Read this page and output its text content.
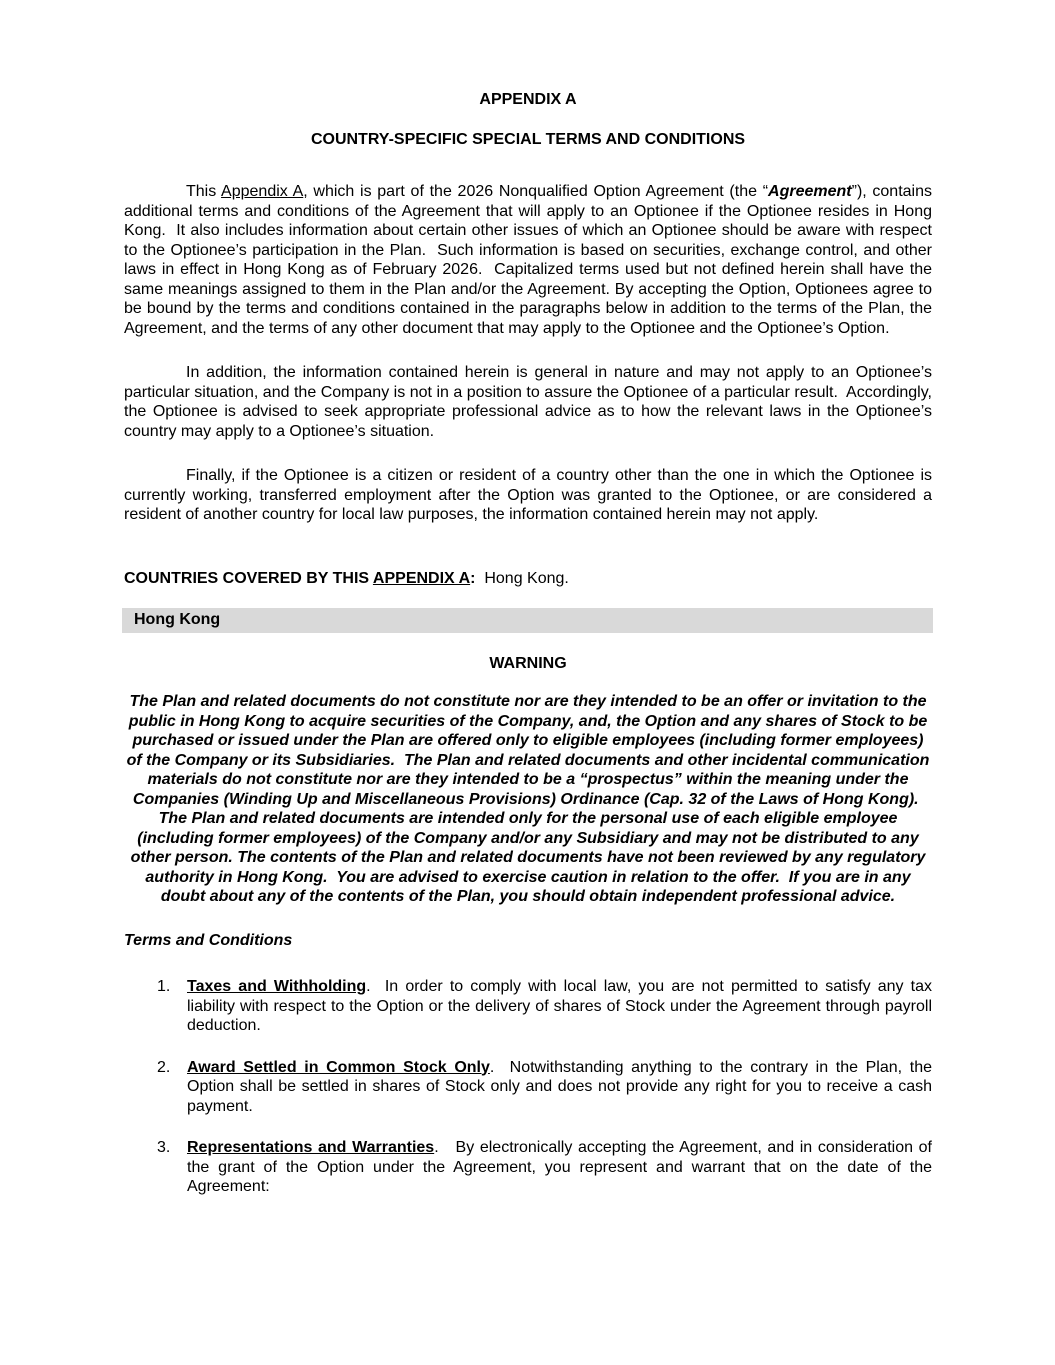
APPENDIX A

COUNTRY-SPECIFIC SPECIAL TERMS AND CONDITIONS

This Appendix A, which is part of the 2026 Nonqualified Option Agreement (the “Agreement”), contains additional terms and conditions of the Agreement that will apply to an Optionee if the Optionee resides in Hong Kong.  It also includes information about certain other issues of which an Optionee should be aware with respect to the Optionee’s participation in the Plan.  Such information is based on securities, exchange control, and other laws in effect in Hong Kong as of February 2026.  Capitalized terms used but not defined herein shall have the same meanings assigned to them in the Plan and/or the Agreement. By accepting the Option, Optionees agree to be bound by the terms and conditions contained in the paragraphs below in addition to the terms of the Plan, the Agreement, and the terms of any other document that may apply to the Optionee and the Optionee’s Option.

In addition, the information contained herein is general in nature and may not apply to an Optionee’s particular situation, and the Company is not in a position to assure the Optionee of a particular result.  Accordingly, the Optionee is advised to seek appropriate professional advice as to how the relevant laws in the Optionee’s country may apply to a Optionee’s situation.

Finally, if the Optionee is a citizen or resident of a country other than the one in which the Optionee is currently working, transferred employment after the Option was granted to the Optionee, or are considered a resident of another country for local law purposes, the information contained herein may not apply.

COUNTRIES COVERED BY THIS APPENDIX A:  Hong Kong.

Hong Kong

WARNING

The Plan and related documents do not constitute nor are they intended to be an offer or invitation to the public in Hong Kong to acquire securities of the Company, and, the Option and any shares of Stock to be purchased or issued under the Plan are offered only to eligible employees (including former employees) of the Company or its Subsidiaries.  The Plan and related documents and other incidental communication materials do not constitute nor are they intended to be a “prospectus” within the meaning under the Companies (Winding Up and Miscellaneous Provisions) Ordinance (Cap. 32 of the Laws of Hong Kong).  The Plan and related documents are intended only for the personal use of each eligible employee (including former employees) of the Company and/or any Subsidiary and may not be distributed to any other person. The contents of the Plan and related documents have not been reviewed by any regulatory authority in Hong Kong.  You are advised to exercise caution in relation to the offer.  If you are in any doubt about any of the contents of the Plan, you should obtain independent professional advice.

Terms and Conditions

1. Taxes and Withholding.  In order to comply with local law, you are not permitted to satisfy any tax liability with respect to the Option or the delivery of shares of Stock under the Agreement through payroll deduction.
2. Award Settled in Common Stock Only.  Notwithstanding anything to the contrary in the Plan, the Option shall be settled in shares of Stock only and does not provide any right for you to receive a cash payment.
3. Representations and Warranties.   By electronically accepting the Agreement, and in consideration of the grant of the Option under the Agreement, you represent and warrant that on the date of the Agreement:
